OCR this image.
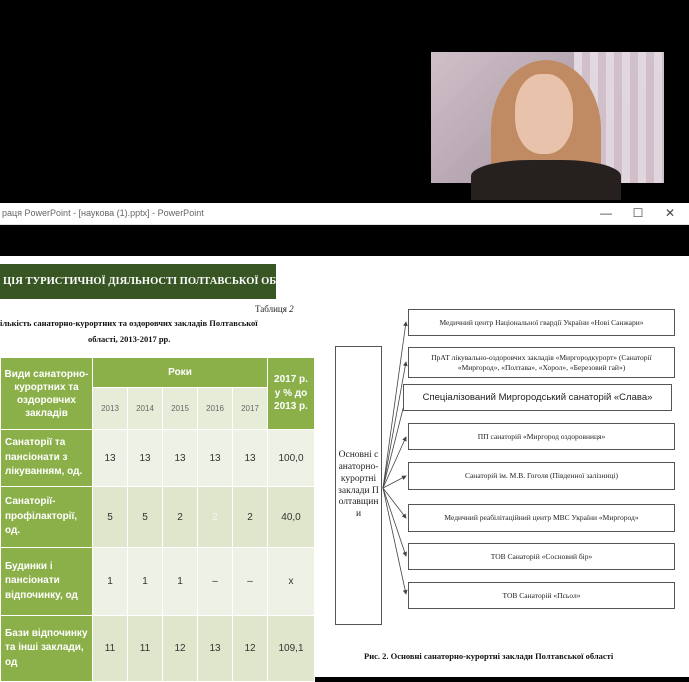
раця PowerPoint - [наукова (1).pptx] - PowerPoint	— ☐ ✕
ЦІЯ ТУРИСТИЧНОЇ ДІЯЛЬНОСТІ ПОЛТАВСЬКОЇ ОБЛАСТІ
Таблиця 2
ількість санаторно-курортних та оздоровчих закладів Полтавської
області, 2013-2017 рр.
Види санаторно-курортних та оздоровчих закладів	Роки					2017 р. у % до 2013 р.
	2013	2014	2015	2016	2017	
Санаторії та пансіонати з лікуванням, од.	13	13	13	13	13	100,0
Санаторії-профілакторії, од.	5	5	2	2	2	40,0
Будинки і пансіонати відпочинку, од	1	1	1	–	–	х
Бази відпочинку та інші заклади, од	11	11	12	13	12	109,1
Основні санаторно-курортні заклади Полтавщини
Медичний центр Національної гвардії України «Нові Санжари»
ПрАТ лікувально-оздоровчих закладів «Миргородкурорт» (Санаторії «Миргород», «Полтава», «Хорол», «Березовий гай»)
Спеціалізований Миргородський санаторій «Слава»
ПП санаторій «Миргород оздоровниця»
Санаторій ім. М.В. Гоголя (Південної залізниці)
Медичний реабілітаційний центр МВС України «Миргород»
ТОВ Санаторій «Сосновий бір»
ТОВ Санаторій «Псьол»
Рис. 2. Основні санаторно-курортні заклади Полтавської області
